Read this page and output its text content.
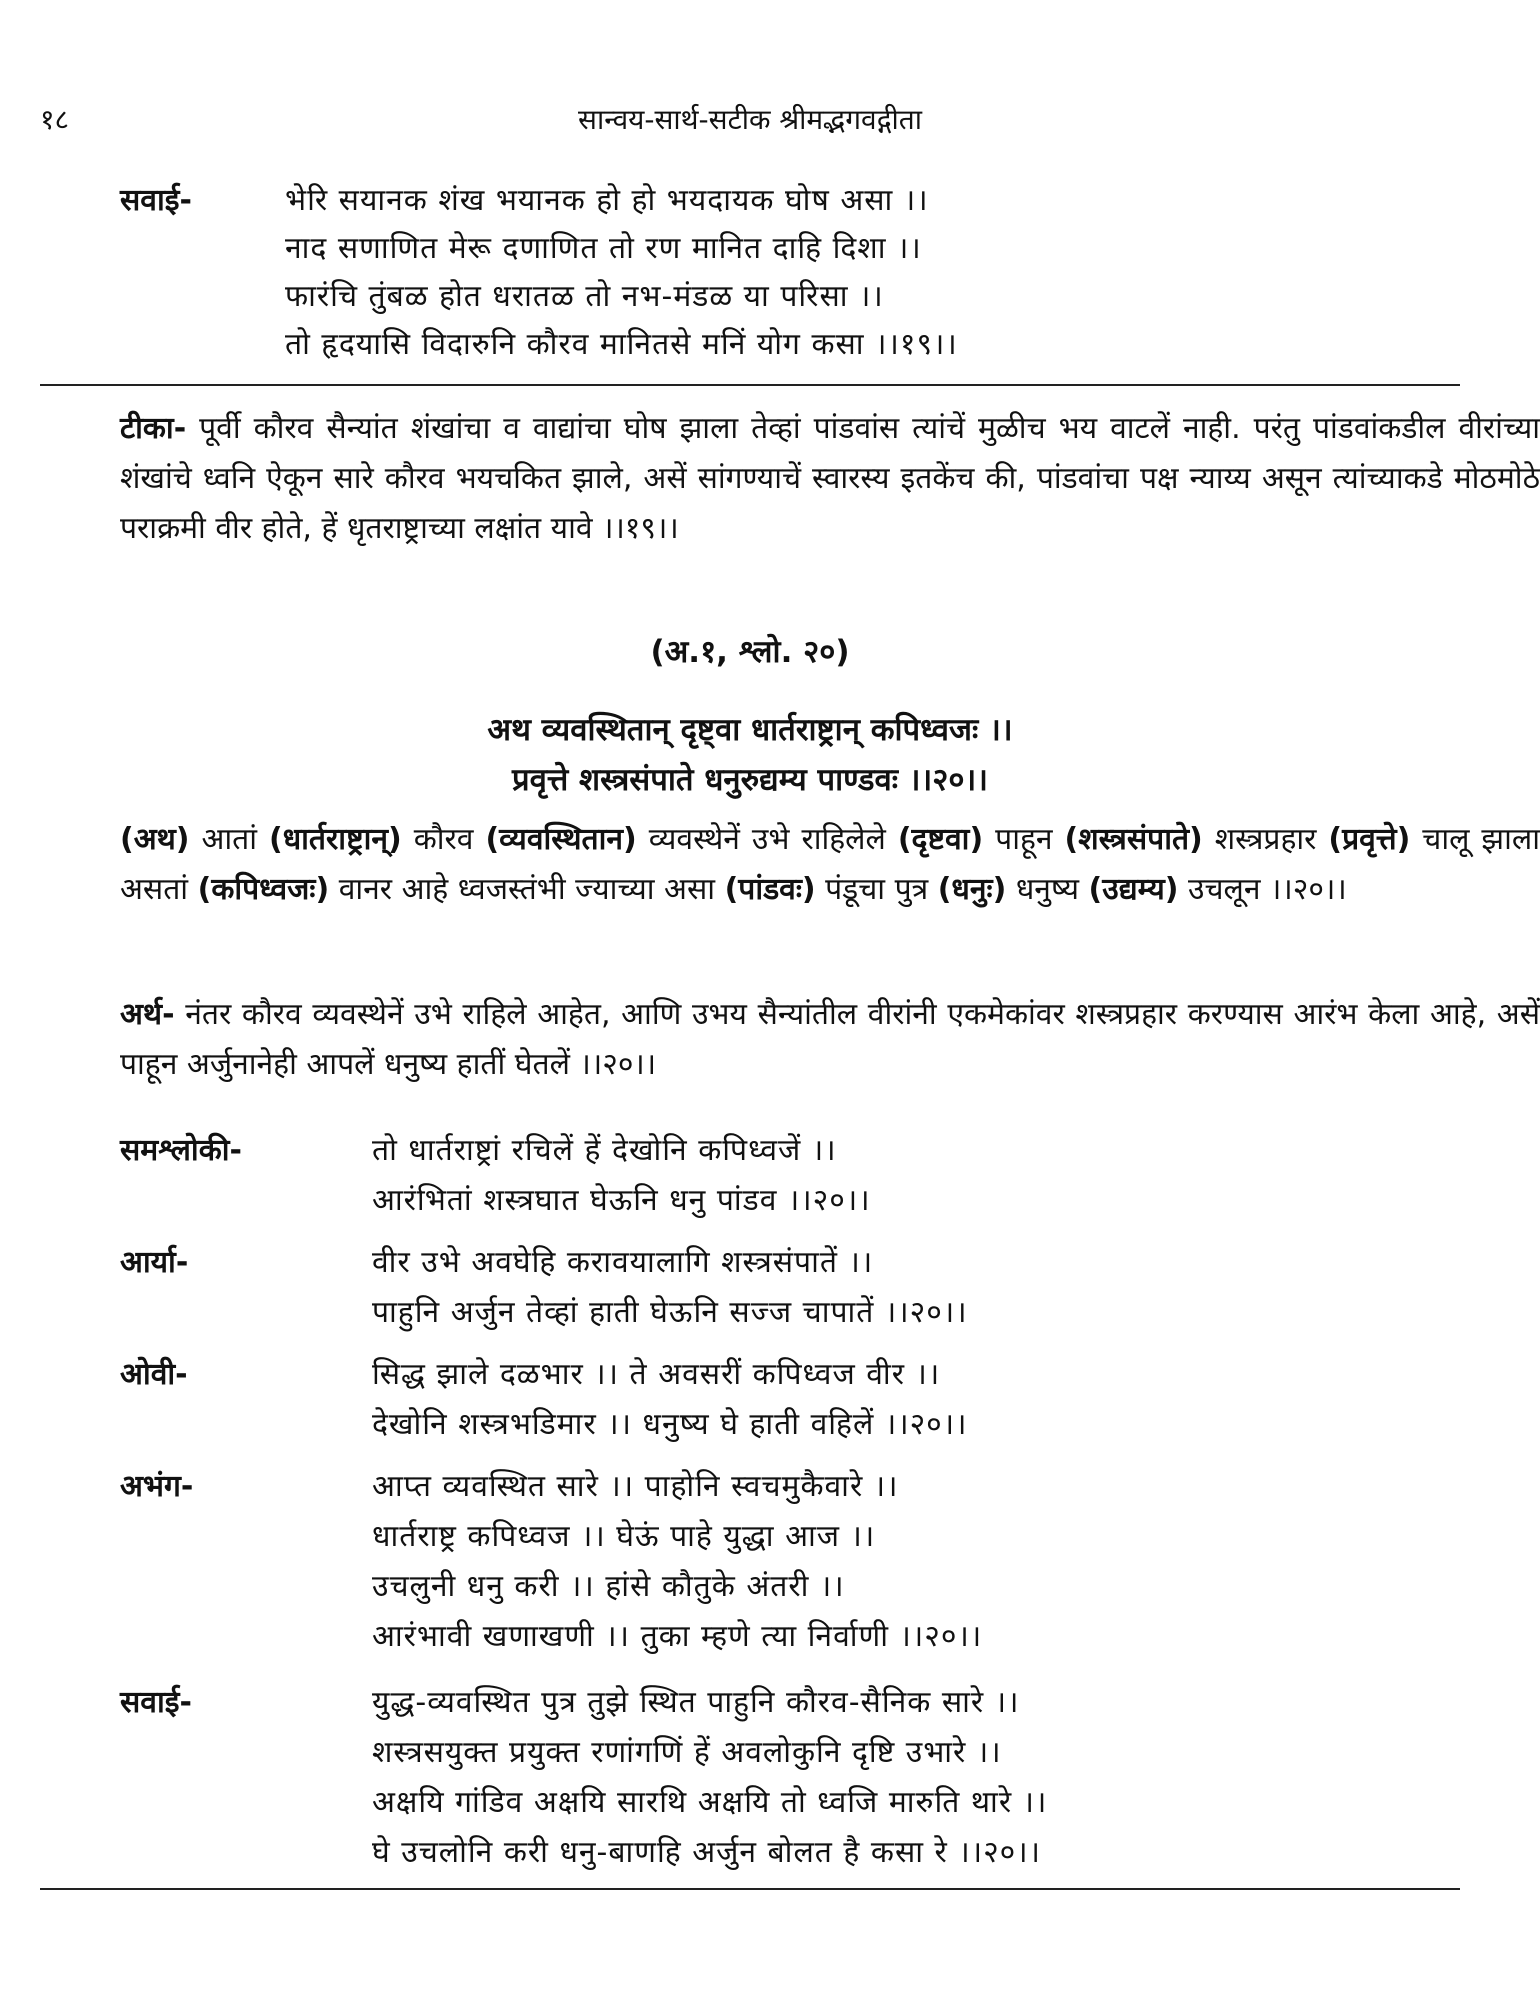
१८	सान्वय-सार्थ-सटीक श्रीमद्भगवद्गीता
सवाई-	भेरि सयानक शंख भयानक हो हो भयदायक घोष असा ।।
नाद सणाणित मेरू दणाणित तो रण मानित दाहि दिशा ।।
फारंचि तुंबळ होत धरातळ तो नभ-मंडळ या परिसा ।।
तो हृदयासि विदारुनि कौरव मानितसे मनिं योग कसा ।।१९।।
टीका- पूर्वी कौरव सैन्यांत शंखांचा व वाद्यांचा घोष झाला तेव्हां पांडवांस त्यांचें मुळीच भय वाटलें नाही. परंतु पांडवांकडील वीरांच्या शंखांचे ध्वनि ऐकून सारे कौरव भयचकित झाले, असें सांगण्याचें स्वारस्य इतकेंच की, पांडवांचा पक्ष न्याय्य असून त्यांच्याकडे मोठमोठे पराक्रमी वीर होते, हें धृतराष्ट्राच्या लक्षांत यावे ।।१९।।
(अ.१, श्लो. २०)
अथ व्यवस्थितान् दृष्ट्वा धार्तराष्ट्रान् कपिध्वजः ।।
प्रवृत्ते शस्त्रसंपाते धनुरुद्यम्य पाण्डवः ।।२०।।
(अथ) आतां (धार्तराष्ट्रान्) कौरव (व्यवस्थितान) व्यवस्थेनें उभे राहिलेले (दृष्टवा) पाहून (शस्त्रसंपाते) शस्त्रप्रहार (प्रवृत्ते) चालू झाला असतां (कपिध्वजः) वानर आहे ध्वजस्तंभी ज्याच्या असा (पांडवः) पंडूचा पुत्र (धनुः) धनुष्य (उद्यम्य) उचलून ।।२०।।
अर्थ- नंतर कौरव व्यवस्थेनें उभे राहिले आहेत, आणि उभय सैन्यांतील वीरांनी एकमेकांवर शस्त्रप्रहार करण्यास आरंभ केला आहे, असें पाहून अर्जुनानेही आपलें धनुष्य हातीं घेतलें ।।२०।।
समश्लोकी-	तो धार्तराष्ट्रां रचिलें हें देखोनि कपिध्वजें ।।
आरंभितां शस्त्रघात घेऊनि धनु पांडव ।।२०।।
आर्या-	वीर उभे अवघेहि करावयालागि शस्त्रसंपातें ।।
पाहुनि अर्जुन तेव्हां हाती घेऊनि सज्ज चापातें ।।२०।।
ओवी-	सिद्ध झाले दळभार ।। ते अवसरीं कपिध्वज वीर ।।
देखोनि शस्त्रभडिमार ।। धनुष्य घे हाती वहिलें ।।२०।।
अभंग-	आप्त व्यवस्थित सारे ।। पाहोनि स्वचमुकैवारे ।।
धार्तराष्ट्र कपिध्वज ।। घेऊं पाहे युद्धा आज ।।
उचलुनी धनु करी ।। हांसे कौतुके अंतरी ।।
आरंभावी खणाखणी ।। तुका म्हणे त्या निर्वाणी ।।२०।।
सवाई-	युद्ध-व्यवस्थित पुत्र तुझे स्थित पाहुनि कौरव-सैनिक सारे ।।
शस्त्रसयुक्त प्रयुक्त रणांगणिं हें अवलोकुनि दृष्टि उभारे ।।
अक्षयि गांडिव अक्षयि सारथि अक्षयि तो ध्वजि मारुति थारे ।।
घे उचलोनि करी धनु-बाणहि अर्जुन बोलत है कसा रे ।।२०।।
